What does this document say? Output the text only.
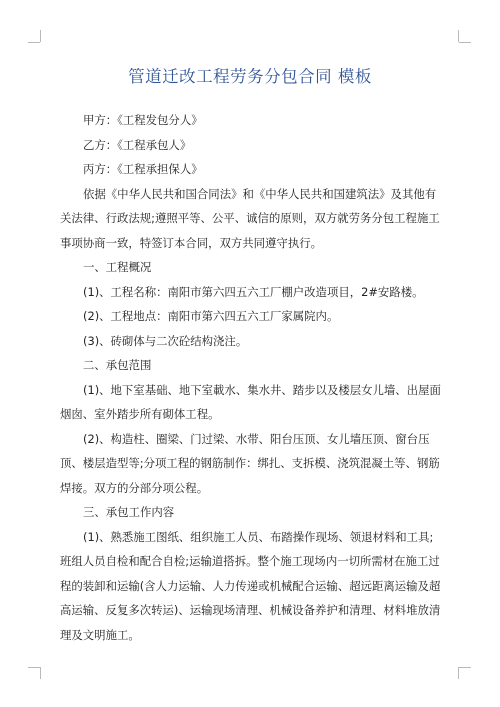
管道迁改工程劳务分包合同 模板

甲方：《工程发包分人》

乙方：《工程承包人》

丙方：《工程承担保人》

依据《中华人民共和国合同法》和《中华人民共和国建筑法》及其他有关法律、行政法规;遵照平等、公平、诚信的原则，双方就劳务分包工程施工事项协商一致，特签订本合同，双方共同遵守执行。

一、工程概况

(1)、工程名称：南阳市第六四五六工厂棚户改造项目，2#安路楼。

(2)、工程地点：南阳市第六四五六工厂家属院内。

(3)、砖砌体与二次砼结构浇注。

二、承包范围

(1)、地下室基础、地下室載水、集水井、踏步以及楼层女儿墙、出屋面烟囱、室外踏步所有砌体工程。

(2)、构造柱、圈梁、门过梁、水带、阳台压顶、女儿墙压顶、窗台压顶、楼层造型等;分项工程的钢筋制作：绑扎、支拆模、浇筑混凝土等、钢筋焊接。双方的分部分项公程。

三、承包工作内容

(1)、熟悉施工图纸、组织施工人员、布踏操作现场、领退材料和工具;班组人员自检和配合自检;运输道搭拆。整个施工现场内一切所需材在施工过程的装卸和运输(含人力运输、人力传递或机械配合运输、超远距离运输及超高运输、反复多次转运)、运输现场清理、机械设备养护和清理、材料堆放清理及文明施工。
